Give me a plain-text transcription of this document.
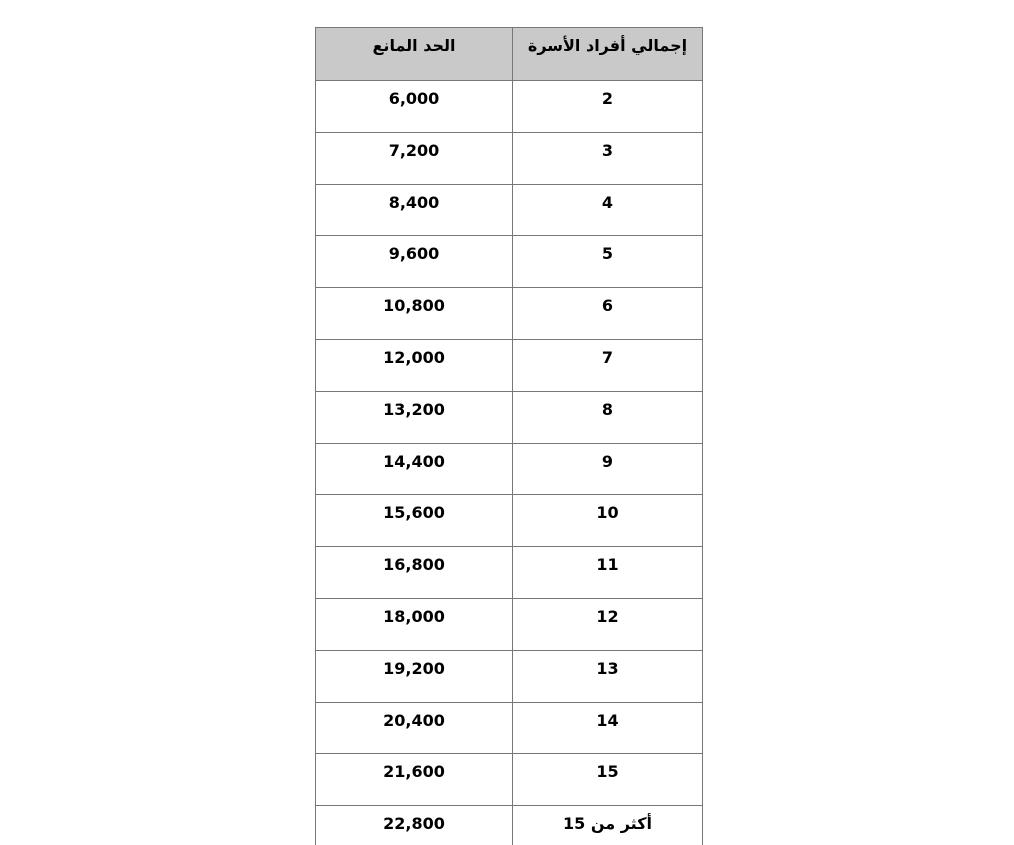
الحد المانع	إجمالي أفراد الأسرة
6,000	2
7,200	3
8,400	4
9,600	5
10,800	6
12,000	7
13,200	8
14,400	9
15,600	10
16,800	11
18,000	12
19,200	13
20,400	14
21,600	15
22,800	أكثر من 15
